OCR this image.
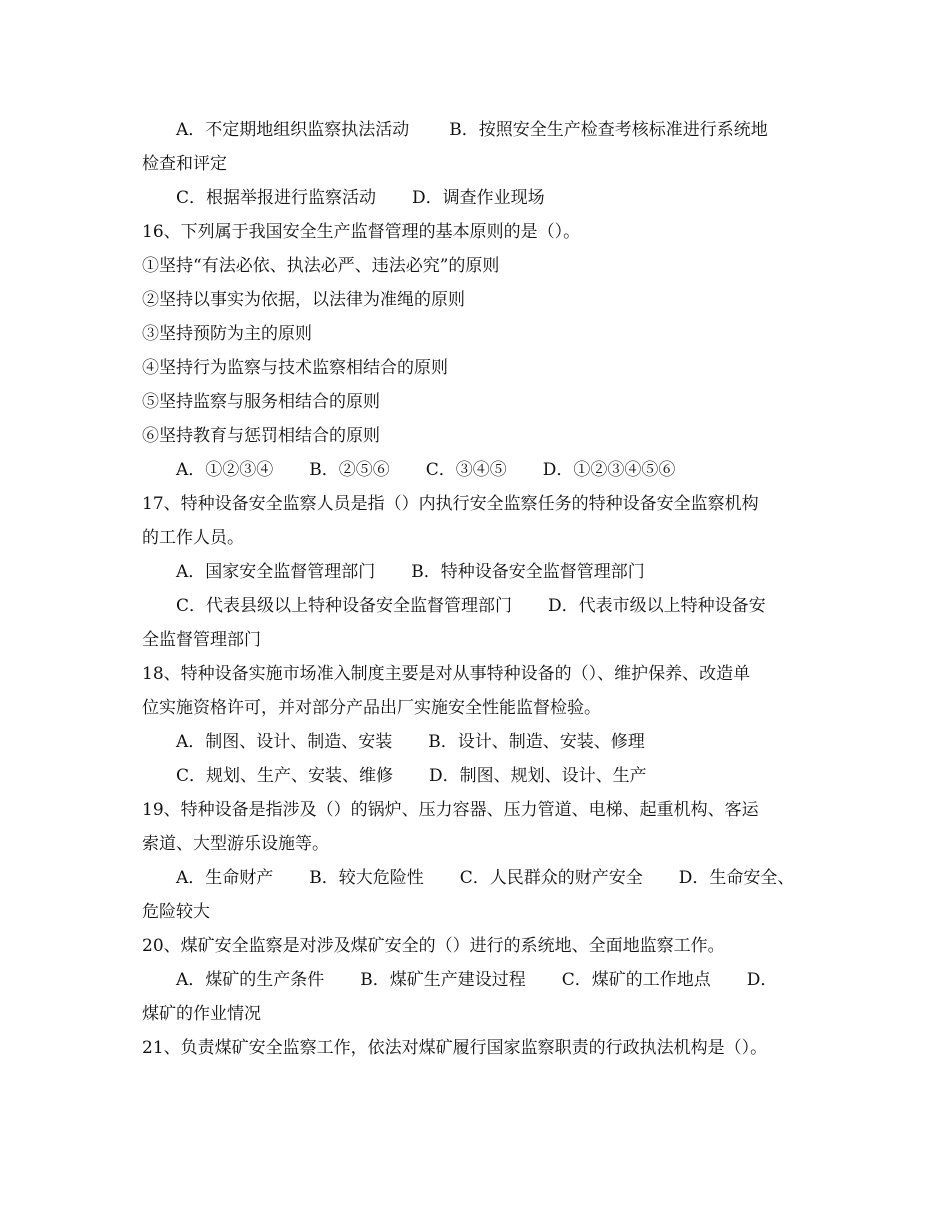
A．不定期地组织监察执法活动 B．按照安全生产检查考核标准进行系统地
检查和评定
C．根据举报进行监察活动 D．调查作业现场
16、下列属于我国安全生产监督管理的基本原则的是（）。
①坚持“有法必依、执法必严、违法必究”的原则
②坚持以事实为依据，以法律为准绳的原则
③坚持预防为主的原则
④坚持行为监察与技术监察相结合的原则
⑤坚持监察与服务相结合的原则
⑥坚持教育与惩罚相结合的原则
A．①②③④ B．②⑤⑥ C．③④⑤ D．①②③④⑤⑥
17、特种设备安全监察人员是指（）内执行安全监察任务的特种设备安全监察机构
的工作人员。
A．国家安全监督管理部门 B．特种设备安全监督管理部门
C．代表县级以上特种设备安全监督管理部门 D．代表市级以上特种设备安
全监督管理部门
18、特种设备实施市场准入制度主要是对从事特种设备的（）、维护保养、改造单
位实施资格许可，并对部分产品出厂实施安全性能监督检验。
A．制图、设计、制造、安装 B．设计、制造、安装、修理
C．规划、生产、安装、维修 D．制图、规划、设计、生产
19、特种设备是指涉及（）的锅炉、压力容器、压力管道、电梯、起重机构、客运
索道、大型游乐设施等。
A．生命财产 B．较大危险性 C．人民群众的财产安全 D．生命安全、
危险较大
20、煤矿安全监察是对涉及煤矿安全的（）进行的系统地、全面地监察工作。
A．煤矿的生产条件 B．煤矿生产建设过程 C．煤矿的工作地点 D．
煤矿的作业情况
21、负责煤矿安全监察工作，依法对煤矿履行国家监察职责的行政执法机构是（）。
